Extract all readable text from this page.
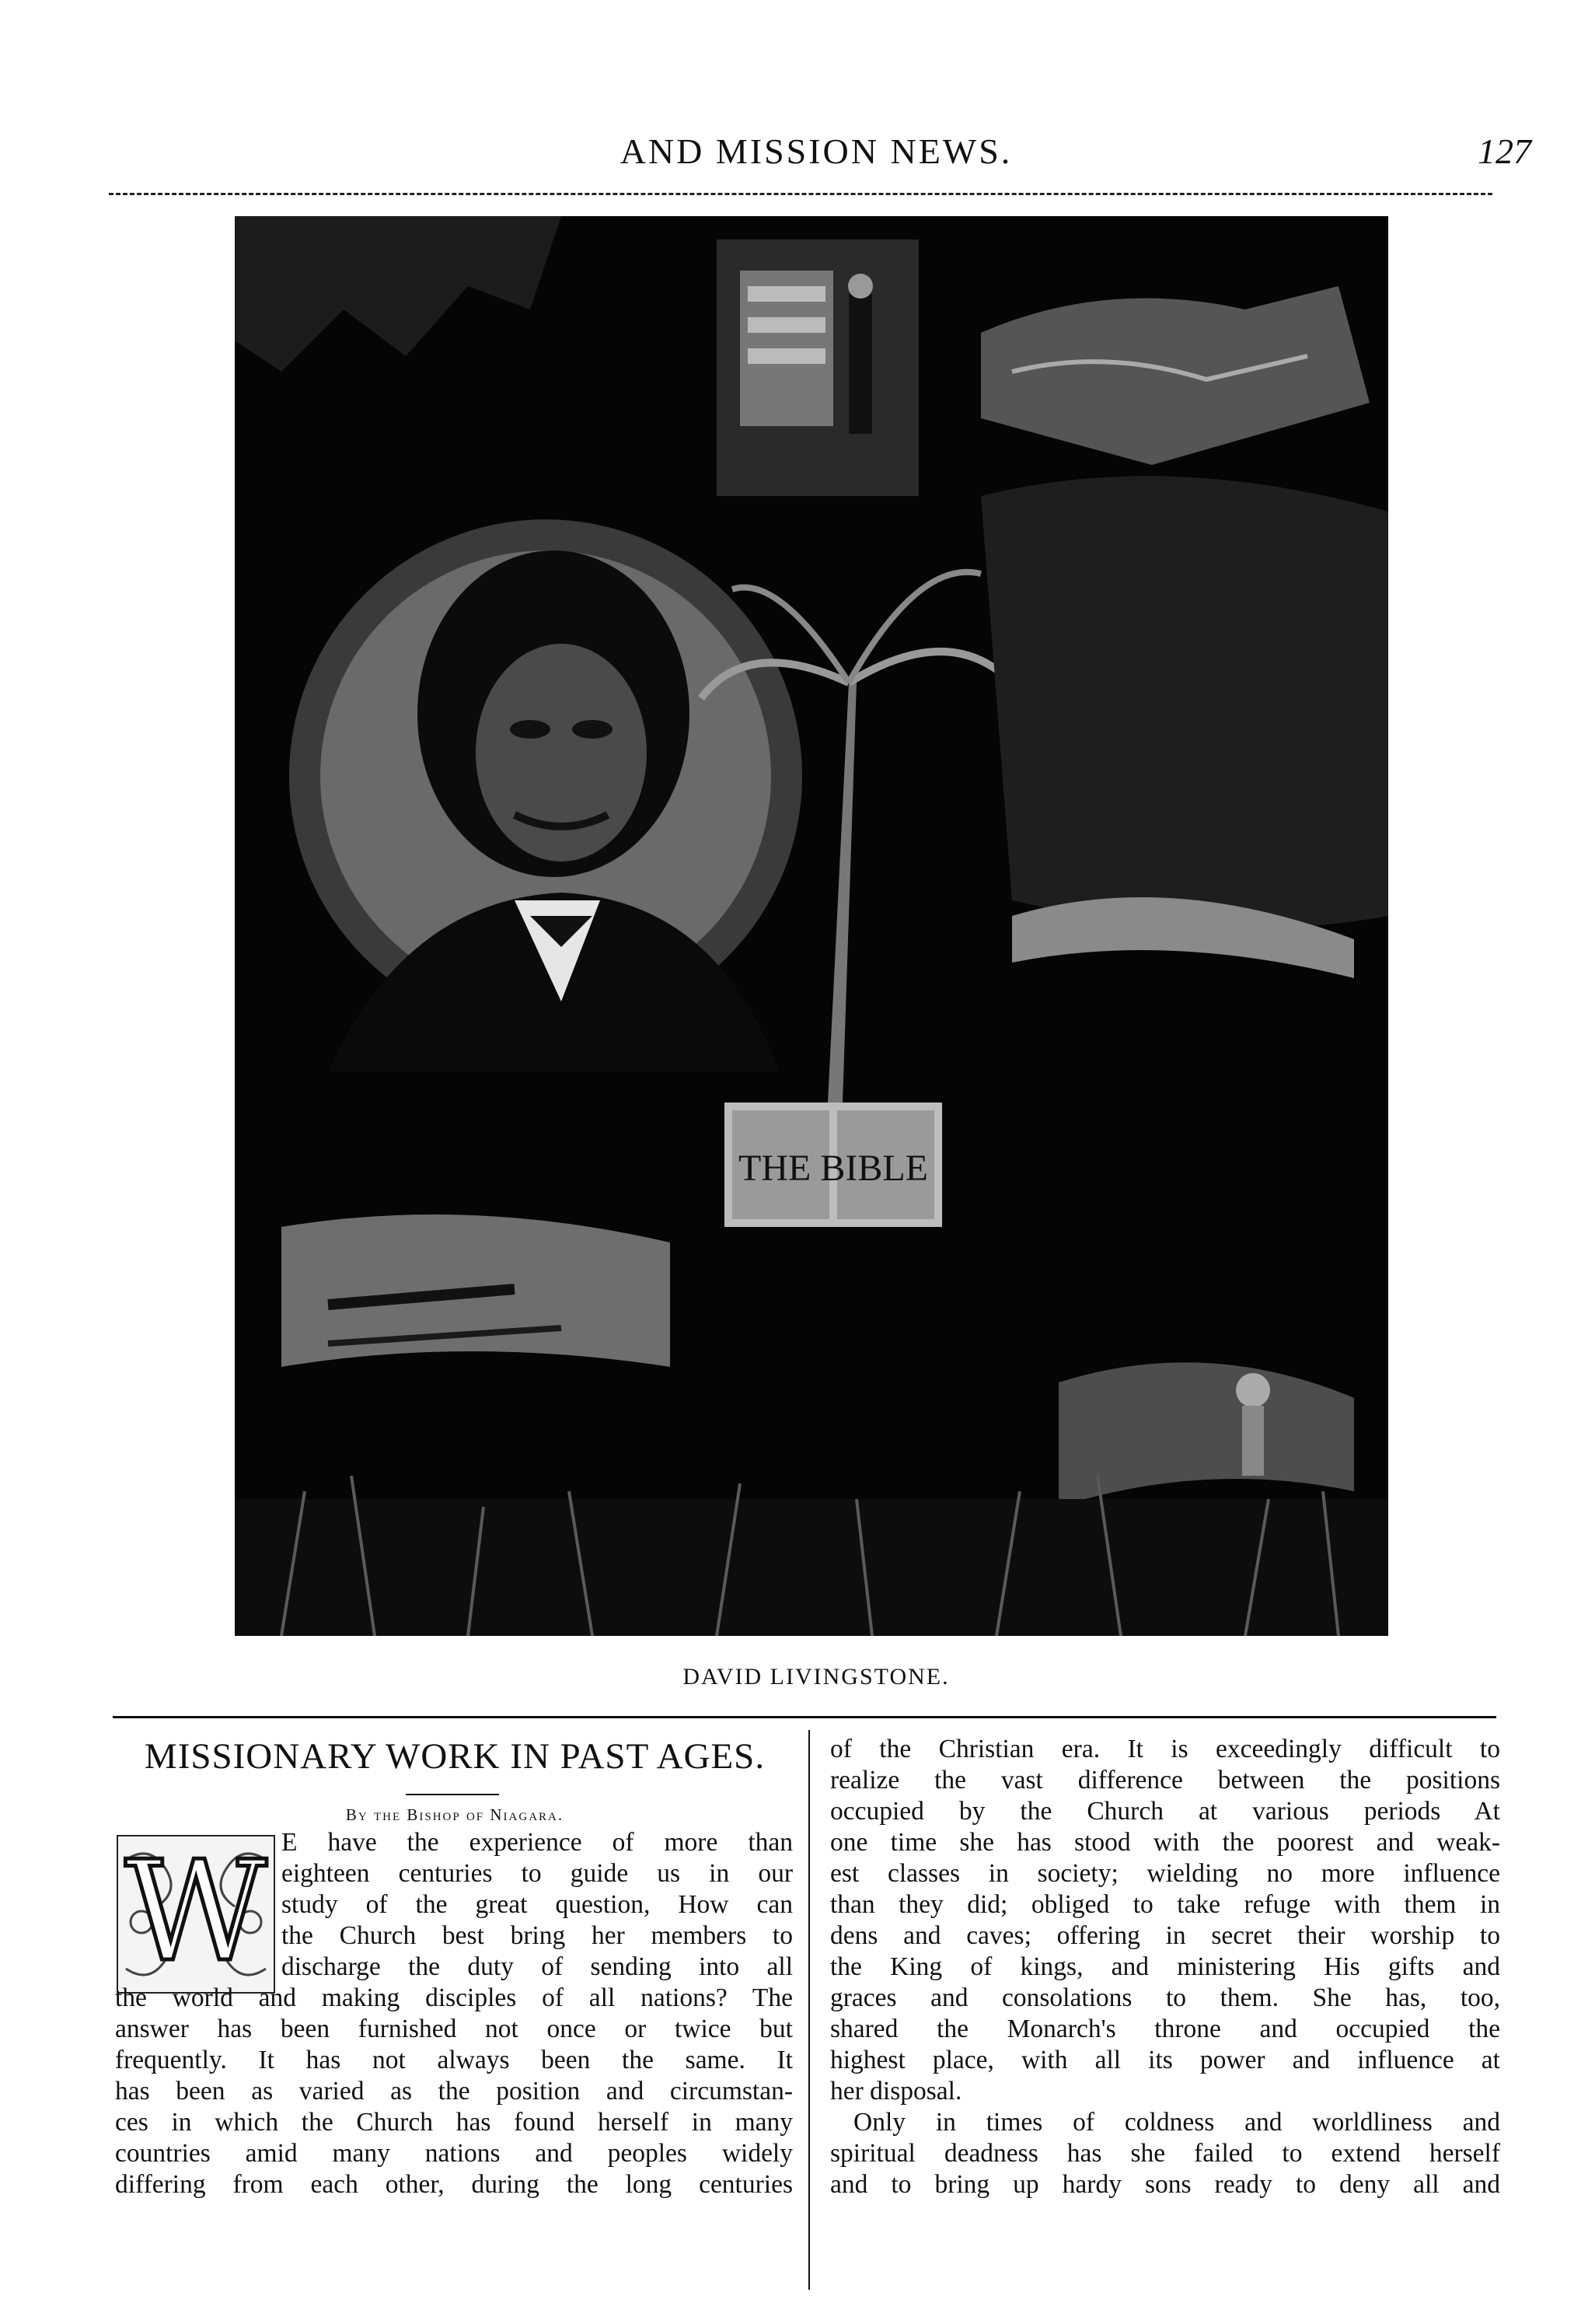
AND MISSION NEWS.	127
THE BIBLE
DAVID LIVINGSTONE.
MISSIONARY WORK IN PAST AGES.
By the Bishop of Niagara.
W E have the experience of more than
eighteen centuries to guide us in our
study of the great question, How can
the Church best bring her members to
discharge the duty of sending into all
the world and making disciples of all nations? The
answer has been furnished not once or twice but
frequently. It has not always been the same. It
has been as varied as the position and circumstan-
ces in which the Church has found herself in many
countries amid many nations and peoples widely
differing from each other, during the long centuries
of the Christian era. It is exceedingly difficult to
realize the vast difference between the positions
occupied by the Church at various periods At
one time she has stood with the poorest and weak-
est classes in society; wielding no more influence
than they did; obliged to take refuge with them in
dens and caves; offering in secret their worship to
the King of kings, and ministering His gifts and
graces and consolations to them. She has, too,
shared the Monarch's throne and occupied the
highest place, with all its power and influence at
her disposal.
Only in times of coldness and worldliness and
spiritual deadness has she failed to extend herself
and to bring up hardy sons ready to deny all and
